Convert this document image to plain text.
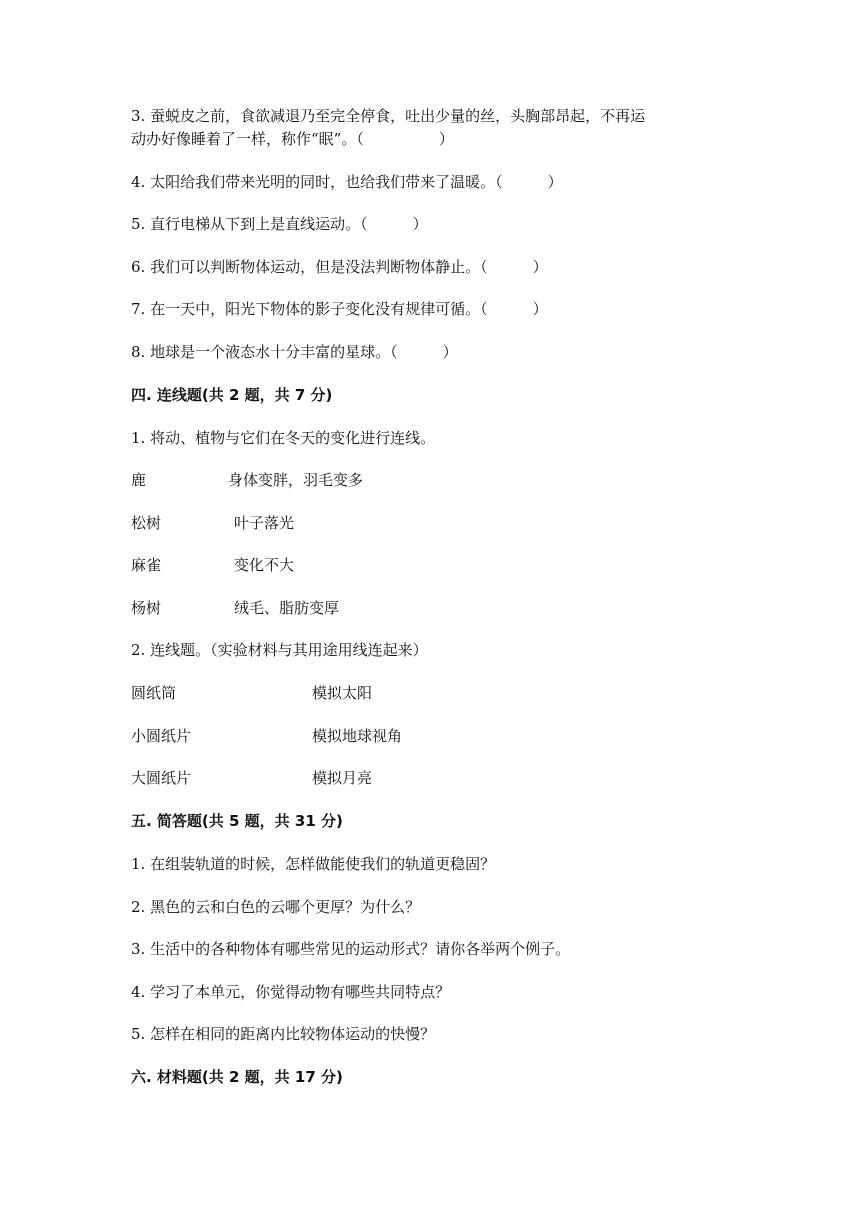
3. 蚕蜕皮之前，食欲减退乃至完全停食，吐出少量的丝，头胸部昂起，不再运
动办好像睡着了一样，称作“眠”。（　　　　　）
4. 太阳给我们带来光明的同时，也给我们带来了温暖。（　　　）
5. 直行电梯从下到上是直线运动。（　　　）
6. 我们可以判断物体运动，但是没法判断物体静止。（　　　）
7. 在一天中，阳光下物体的影子变化没有规律可循。（　　　）
8. 地球是一个液态水十分丰富的星球。（　　　）
四. 连线题(共 2 题，共 7 分)
1. 将动、植物与它们在冬天的变化进行连线。
鹿	身体变胖，羽毛变多
松树	叶子落光
麻雀	变化不大
杨树	绒毛、脂肪变厚
2. 连线题。（实验材料与其用途用线连起来）
圆纸筒	模拟太阳
小圆纸片	模拟地球视角
大圆纸片	模拟月亮
五. 简答题(共 5 题，共 31 分)
1. 在组装轨道的时候，怎样做能使我们的轨道更稳固？
2. 黑色的云和白色的云哪个更厚？为什么？
3. 生活中的各种物体有哪些常见的运动形式？请你各举两个例子。
4. 学习了本单元，你觉得动物有哪些共同特点？
5. 怎样在相同的距离内比较物体运动的快慢？
六. 材料题(共 2 题，共 17 分)
